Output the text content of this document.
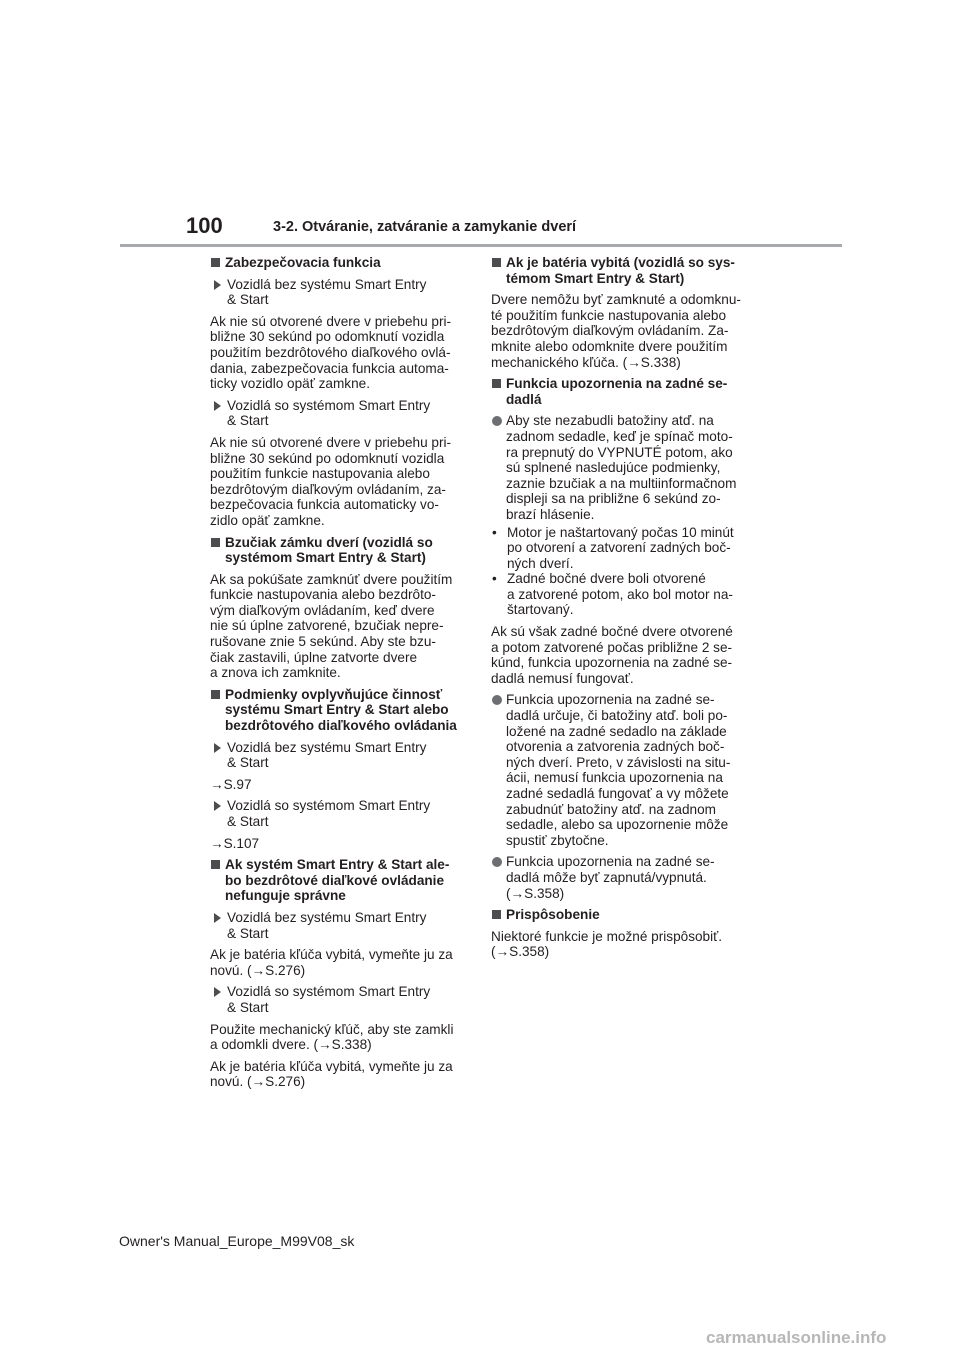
100	3-2. Otváranie, zatváranie a zamykanie dverí
Zabezpečovacia funkcia
Vozidlá bez systému Smart Entry
& Start

Ak nie sú otvorené dvere v priebehu pri-
bližne 30 sekúnd po odomknutí vozidla
použitím bezdrôtového diaľkového ovlá-
dania, zabezpečovacia funkcia automa-
ticky vozidlo opäť zamkne.

Vozidlá so systémom Smart Entry
& Start

Ak nie sú otvorené dvere v priebehu pri-
bližne 30 sekúnd po odomknutí vozidla
použitím funkcie nastupovania alebo
bezdrôtovým diaľkovým ovládaním, za-
bezpečovacia funkcia automaticky vo-
zidlo opäť zamkne.

Bzučiak zámku dverí (vozidlá so
systémom Smart Entry & Start)

Ak sa pokúšate zamknúť dvere použitím
funkcie nastupovania alebo bezdrôto-
vým diaľkovým ovládaním, keď dvere
nie sú úplne zatvorené, bzučiak nepre-
rušovane znie 5 sekúnd. Aby ste bzu-
čiak zastavili, úplne zatvorte dvere
a znova ich zamknite.

Podmienky ovplyvňujúce činnosť
systému Smart Entry & Start alebo
bezdrôtového diaľkového ovládania
Vozidlá bez systému Smart Entry
& Start

→S.97

Vozidlá so systémom Smart Entry
& Start

→S.107

Ak systém Smart Entry & Start ale-
bo bezdrôtové diaľkové ovládanie
nefunguje správne
Vozidlá bez systému Smart Entry
& Start

Ak je batéria kľúča vybitá, vymeňte ju za
novú. (→S.276)

Vozidlá so systémom Smart Entry
& Start

Použite mechanický kľúč, aby ste zamkli
a odomkli dvere. (→S.338)

Ak je batéria kľúča vybitá, vymeňte ju za
novú. (→S.276)

Ak je batéria vybitá (vozidlá so sys-
témom Smart Entry & Start)

Dvere nemôžu byť zamknuté a odomknu-
té použitím funkcie nastupovania alebo
bezdrôtovým diaľkovým ovládaním. Za-
mknite alebo odomknite dvere použitím
mechanického kľúča. (→S.338)

Funkcia upozornenia na zadné se-
dadlá
Aby ste nezabudli batožiny atď. na
zadnom sedadle, keď je spínač moto-
ra prepnutý do VYPNUTÉ potom, ako
sú splnené nasledujúce podmienky,
zaznie bzučiak a na multiinformačnom
displeji sa na približne 6 sekúnd zo-
brazí hlásenie.
• Motor je naštartovaný počas 10 minút
po otvorení a zatvorení zadných boč-
ných dverí.
• Zadné bočné dvere boli otvorené
a zatvorené potom, ako bol motor na-
štartovaný.

Ak sú však zadné bočné dvere otvorené
a potom zatvorené počas približne 2 se-
kúnd, funkcia upozornenia na zadné se-
dadlá nemusí fungovať.

Funkcia upozornenia na zadné se-
dadlá určuje, či batožiny atď. boli po-
ložené na zadné sedadlo na základe
otvorenia a zatvorenia zadných boč-
ných dverí. Preto, v závislosti na situ-
ácii, nemusí funkcia upozornenia na
zadné sedadlá fungovať a vy môžete
zabudnúť batožiny atď. na zadnom
sedadle, alebo sa upozornenie môže
spustiť zbytočne.
Funkcia upozornenia na zadné se-
dadlá môže byť zapnutá/vypnutá.
(→S.358)
Prispôsobenie

Niektoré funkcie je možné prispôsobiť.
(→S.358)

Owner's Manual_Europe_M99V08_sk
carmanualsonline.info
